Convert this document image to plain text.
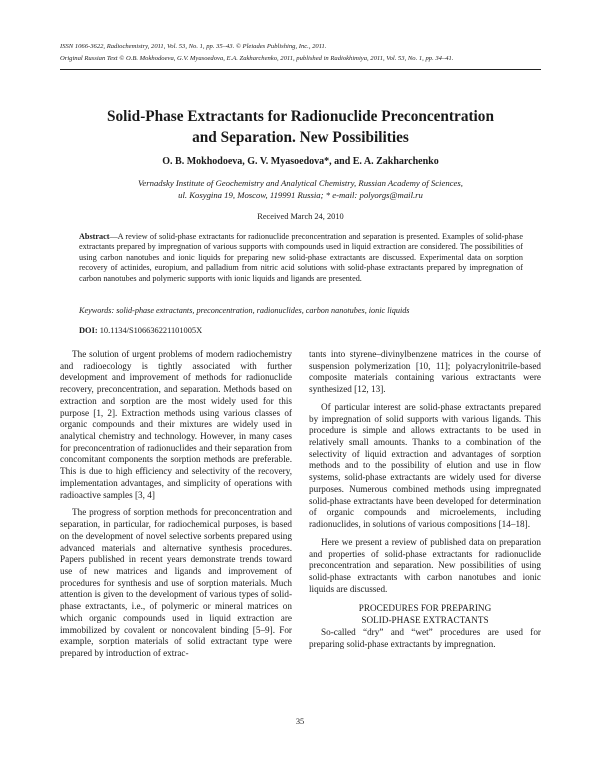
ISSN 1066-3622, Radiochemistry, 2011, Vol. 53, No. 1, pp. 35–43. © Pleiades Publishing, Inc., 2011.
Original Russian Text © O.B. Mokhodoeva, G.V. Myasoedova, E.A. Zakharchenko, 2011, published in Radiokhimiya, 2011, Vol. 53, No. 1, pp. 34–41.
Solid-Phase Extractants for Radionuclide Preconcentration
and Separation. New Possibilities
O. B. Mokhodoeva, G. V. Myasoedova*, and E. A. Zakharchenko
Vernadsky Institute of Geochemistry and Analytical Chemistry, Russian Academy of Sciences,
ul. Kosygina 19, Moscow, 119991 Russia; * e-mail: polyorgs@mail.ru
Received March 24, 2010

Abstract—A review of solid-phase extractants for radionuclide preconcentration and separation is presented. Examples of solid-phase extractants prepared by impregnation of various supports with compounds used in liquid extraction are considered. The possibilities of using carbon nanotubes and ionic liquids for preparing new solid-phase extractants are discussed. Experimental data on sorption recovery of actinides, europium, and palladium from nitric acid solutions with solid-phase extractants prepared by impregnation of carbon nanotubes and polymeric supports with ionic liquids and ligands are presented.

Keywords: solid-phase extractants, preconcentration, radionuclides, carbon nanotubes, ionic liquids

DOI: 10.1134/S106636221101005X

The solution of urgent problems of modern radiochemistry and radioecology is tightly associated with further development and improvement of methods for radionuclide recovery, preconcentration, and separation. Methods based on extraction and sorption are the most widely used for this purpose [1, 2]. Extraction methods using various classes of organic compounds and their mixtures are widely used in analytical chemistry and technology. However, in many cases for preconcentration of radionuclides and their separation from concomitant components the sorption methods are preferable. This is due to high efficiency and selectivity of the recovery, implementation advantages, and simplicity of operations with radioactive samples [3, 4]

The progress of sorption methods for preconcentration and separation, in particular, for radiochemical purposes, is based on the development of novel selective sorbents prepared using advanced materials and alternative synthesis procedures. Papers published in recent years demonstrate trends toward use of new matrices and ligands and improvement of procedures for synthesis and use of sorption materials. Much attention is given to the development of various types of solid-phase extractants, i.e., of polymeric or mineral matrices on which organic compounds used in liquid extraction are immobilized by covalent or noncovalent binding [5–9]. For example, sorption materials of solid extractant type were prepared by introduction of extrac-

tants into styrene–divinylbenzene matrices in the course of suspension polymerization [10, 11]; polyacrylonitrile-based composite materials containing various extractants were synthesized [12, 13].

Of particular interest are solid-phase extractants prepared by impregnation of solid supports with various ligands. This procedure is simple and allows extractants to be used in relatively small amounts. Thanks to a combination of the selectivity of liquid extraction and advantages of sorption methods and to the possibility of elution and use in flow systems, solid-phase extractants are widely used for diverse purposes. Numerous combined methods using impregnated solid-phase extractants have been developed for determination of organic compounds and microelements, including radionuclides, in solutions of various compositions [14–18].

Here we present a review of published data on preparation and properties of solid-phase extractants for radionuclide preconcentration and separation. New possibilities of using solid-phase extractants with carbon nanotubes and ionic liquids are discussed.

PROCEDURES FOR PREPARING
SOLID-PHASE EXTRACTANTS

So-called “dry” and “wet” procedures are used for preparing solid-phase extractants by impregnation.

35
